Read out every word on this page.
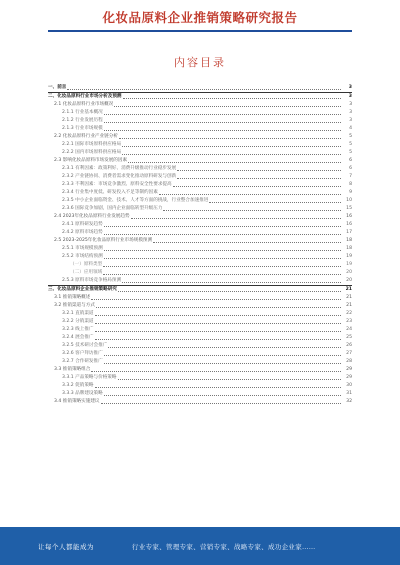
化妆品原料企业推销策略研究报告
内容目录
一、前言	3
二、化妆品原料行业市场分析及预测	3
2.1 化妆品原料行业市场概况	3
2.1.1 行业基本概况	3
2.1.2 行业发展历程	3
2.1.3 行业市场规模	4
2.2 化妆品原料行业产业链分析	5
2.2.1 国际市场原料供应格局	5
2.2.2 国内市场原料供应格局	5
2.3 影响化妆品原料市场发展的因素	6
2.3.1 有利因素：政策利好、消费升级推动行业稳步发展	6
2.3.2 产业链协同、消费者需求变化推动原料研发与创新	7
2.3.3 不利因素：市场竞争激烈、原料安全性要求提高	8
2.3.4 行业集中度低、研发投入不足等制约因素	9
2.3.5 中小企业面临资金、技术、人才等方面的挑战，行业整合加速推进	10
2.3.6 国际竞争加剧，国内企业面临转型升级压力	15
2.4 2023年化妆品原料行业发展趋势	16
2.4.1 原料研发趋势	16
2.4.2 原料市场趋势	17
2.5 2023-2025年化妆品原料行业市场规模预测	18
2.5.1 市场规模预测	18
2.5.2 市场结构预测	19
（一）原料类型	19
（二）应用领域	20
2.5.3 原料市场竞争格局预测	20
三、化妆品原料企业推销策略研究	21
3.1 推销策略概述	21
3.2 推销渠道与方式	21
3.2.1 直销渠道	22
3.2.2 分销渠道	23
3.2.3 线上推广	24
3.2.4 展会推广	25
3.2.5 技术研讨会推广	26
3.2.6 客户拜访推广	27
3.2.7 合作研发推广	28
3.3 推销策略组合	29
3.3.1 产品策略与价格策略	29
3.3.2 促销策略	30
3.3.3 品牌建设策略	31
3.4 推销策略实施建议	32
让每个人都能成为	行业专家、管理专家、营销专家、战略专家、成功企业家……
